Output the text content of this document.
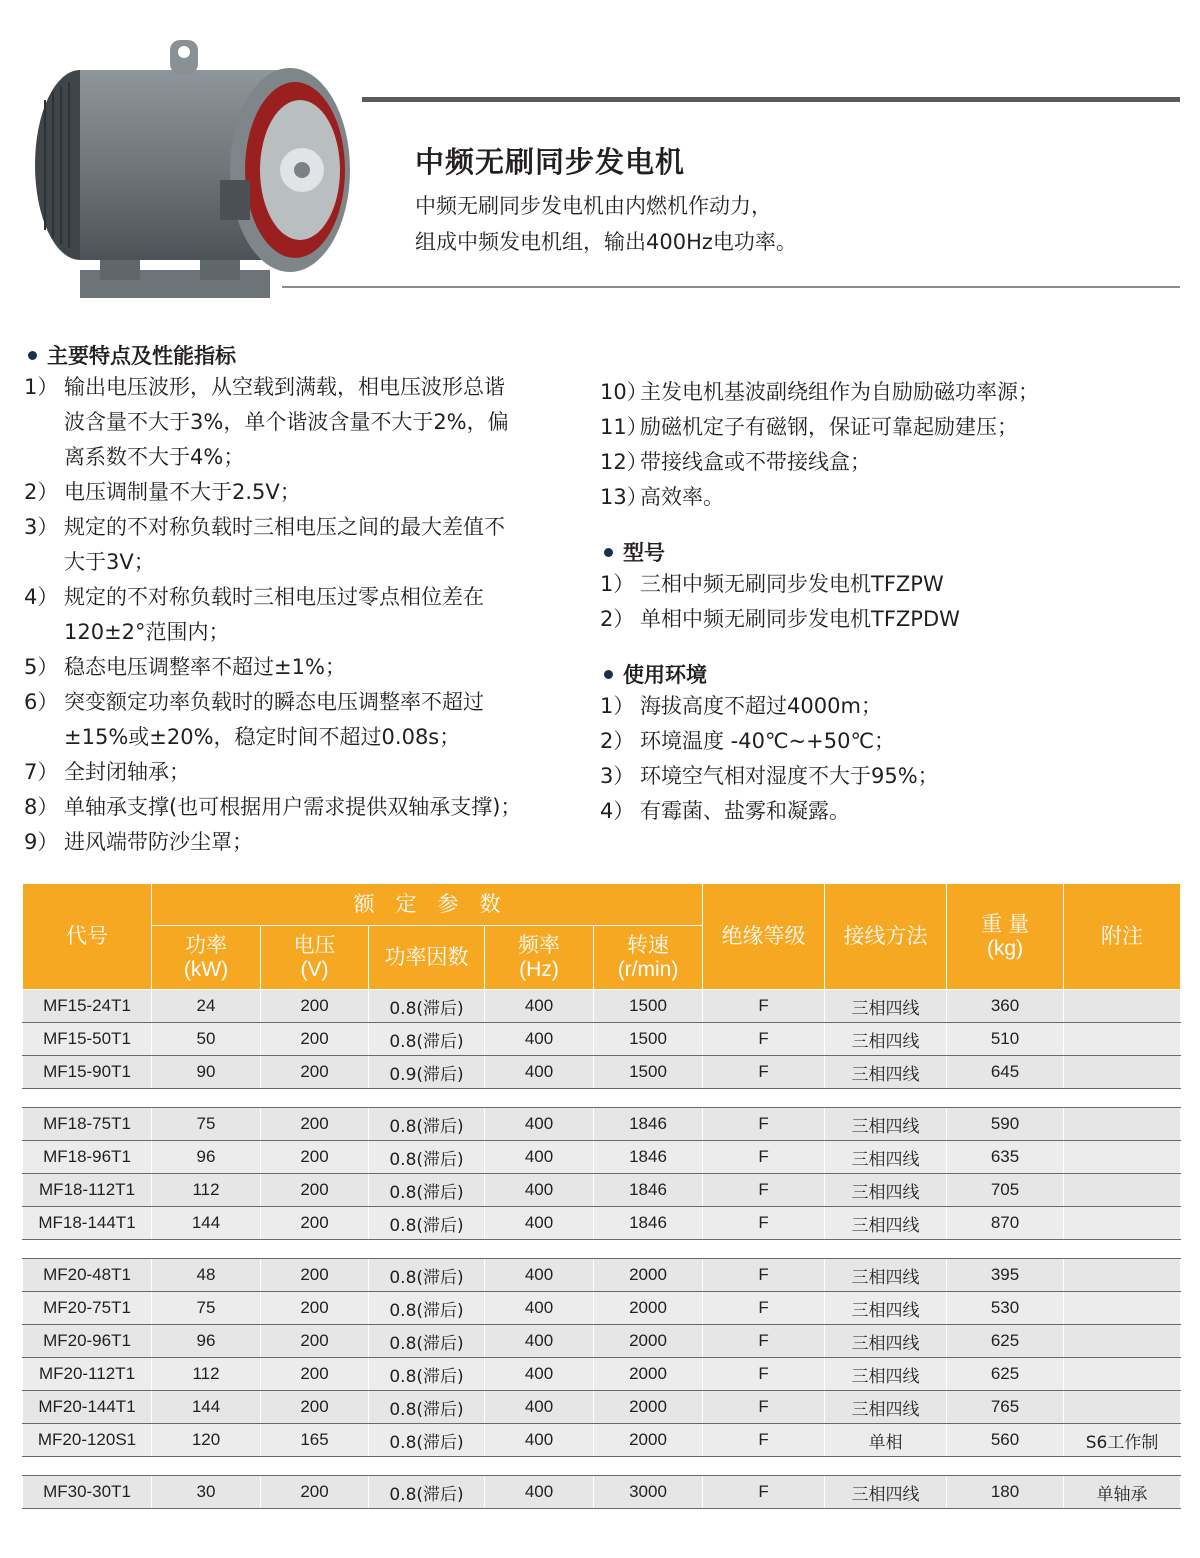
中频无刷同步发电机
中频无刷同步发电机由内燃机作动力，
组成中频发电机组，输出400Hz电功率。
主要特点及性能指标
1） 输出电压波形，从空载到满载，相电压波形总谐
波含量不大于3%，单个谐波含量不大于2%，偏
离系数不大于4%；
2） 电压调制量不大于2.5V；
3） 规定的不对称负载时三相电压之间的最大差值不
大于3V；
4） 规定的不对称负载时三相电压过零点相位差在
120±2°范围内；
5） 稳态电压调整率不超过±1%；
6） 突变额定功率负载时的瞬态电压调整率不超过
±15%或±20%，稳定时间不超过0.08s；
7） 全封闭轴承；
8） 单轴承支撑(也可根据用户需求提供双轴承支撑)；
9） 进风端带防沙尘罩；
10）
主发电机基波副绕组作为自励励磁功率源；
11）
励磁机定子有磁钢，保证可靠起励建压；
12）
带接线盒或不带接线盒；
13）
高效率。
型号
1） 三相中频无刷同步发电机TFZPW
2） 单相中频无刷同步发电机TFZPDW
使用环境
1） 海拔高度不超过4000m；
2） 环境温度 -40℃~+50℃；
3） 环境空气相对湿度不大于95%；
4） 有霉菌、盐雾和凝露。
代号	额　定　参　数					绝缘等级	接线方法	重 量
(kg)	附注
	功率
(kW)	电压
(V)	功率因数	频率
(Hz)	转速
(r/min)				
MF15-24T1	24	200	0.8(滞后)	400	1500	F	三相四线	360	
MF15-50T1	50	200	0.8(滞后)	400	1500	F	三相四线	510	
MF15-90T1	90	200	0.9(滞后)	400	1500	F	三相四线	645	

MF18-75T1	75	200	0.8(滞后)	400	1846	F	三相四线	590	
MF18-96T1	96	200	0.8(滞后)	400	1846	F	三相四线	635	
MF18-112T1	112	200	0.8(滞后)	400	1846	F	三相四线	705	
MF18-144T1	144	200	0.8(滞后)	400	1846	F	三相四线	870	

MF20-48T1	48	200	0.8(滞后)	400	2000	F	三相四线	395	
MF20-75T1	75	200	0.8(滞后)	400	2000	F	三相四线	530	
MF20-96T1	96	200	0.8(滞后)	400	2000	F	三相四线	625	
MF20-112T1	112	200	0.8(滞后)	400	2000	F	三相四线	625	
MF20-144T1	144	200	0.8(滞后)	400	2000	F	三相四线	765	
MF20-120S1	120	165	0.8(滞后)	400	2000	F	单相	560	S6工作制

MF30-30T1	30	200	0.8(滞后)	400	3000	F	三相四线	180	单轴承
